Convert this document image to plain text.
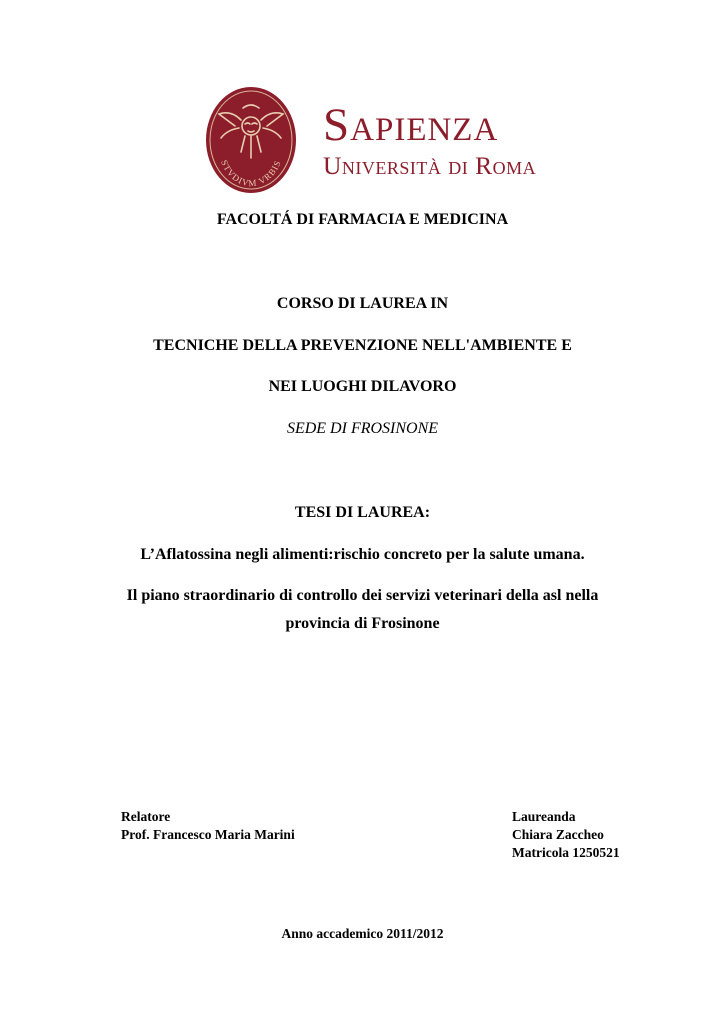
STVDIVM VRBIS
Sapienza
Università di Roma
FACOLTÁ DI FARMACIA E MEDICINA
CORSO DI LAUREA IN
TECNICHE DELLA PREVENZIONE NELL'AMBIENTE E
NEI LUOGHI DILAVORO
SEDE DI FROSINONE
TESI DI LAUREA:
L’Aflatossina negli alimenti:rischio concreto per la salute umana.
Il piano straordinario di controllo dei servizi veterinari della asl nella
provincia di Frosinone
Relatore
Prof. Francesco Maria Marini
Laureanda
Chiara Zaccheo
Matricola 1250521
Anno accademico 2011/2012
